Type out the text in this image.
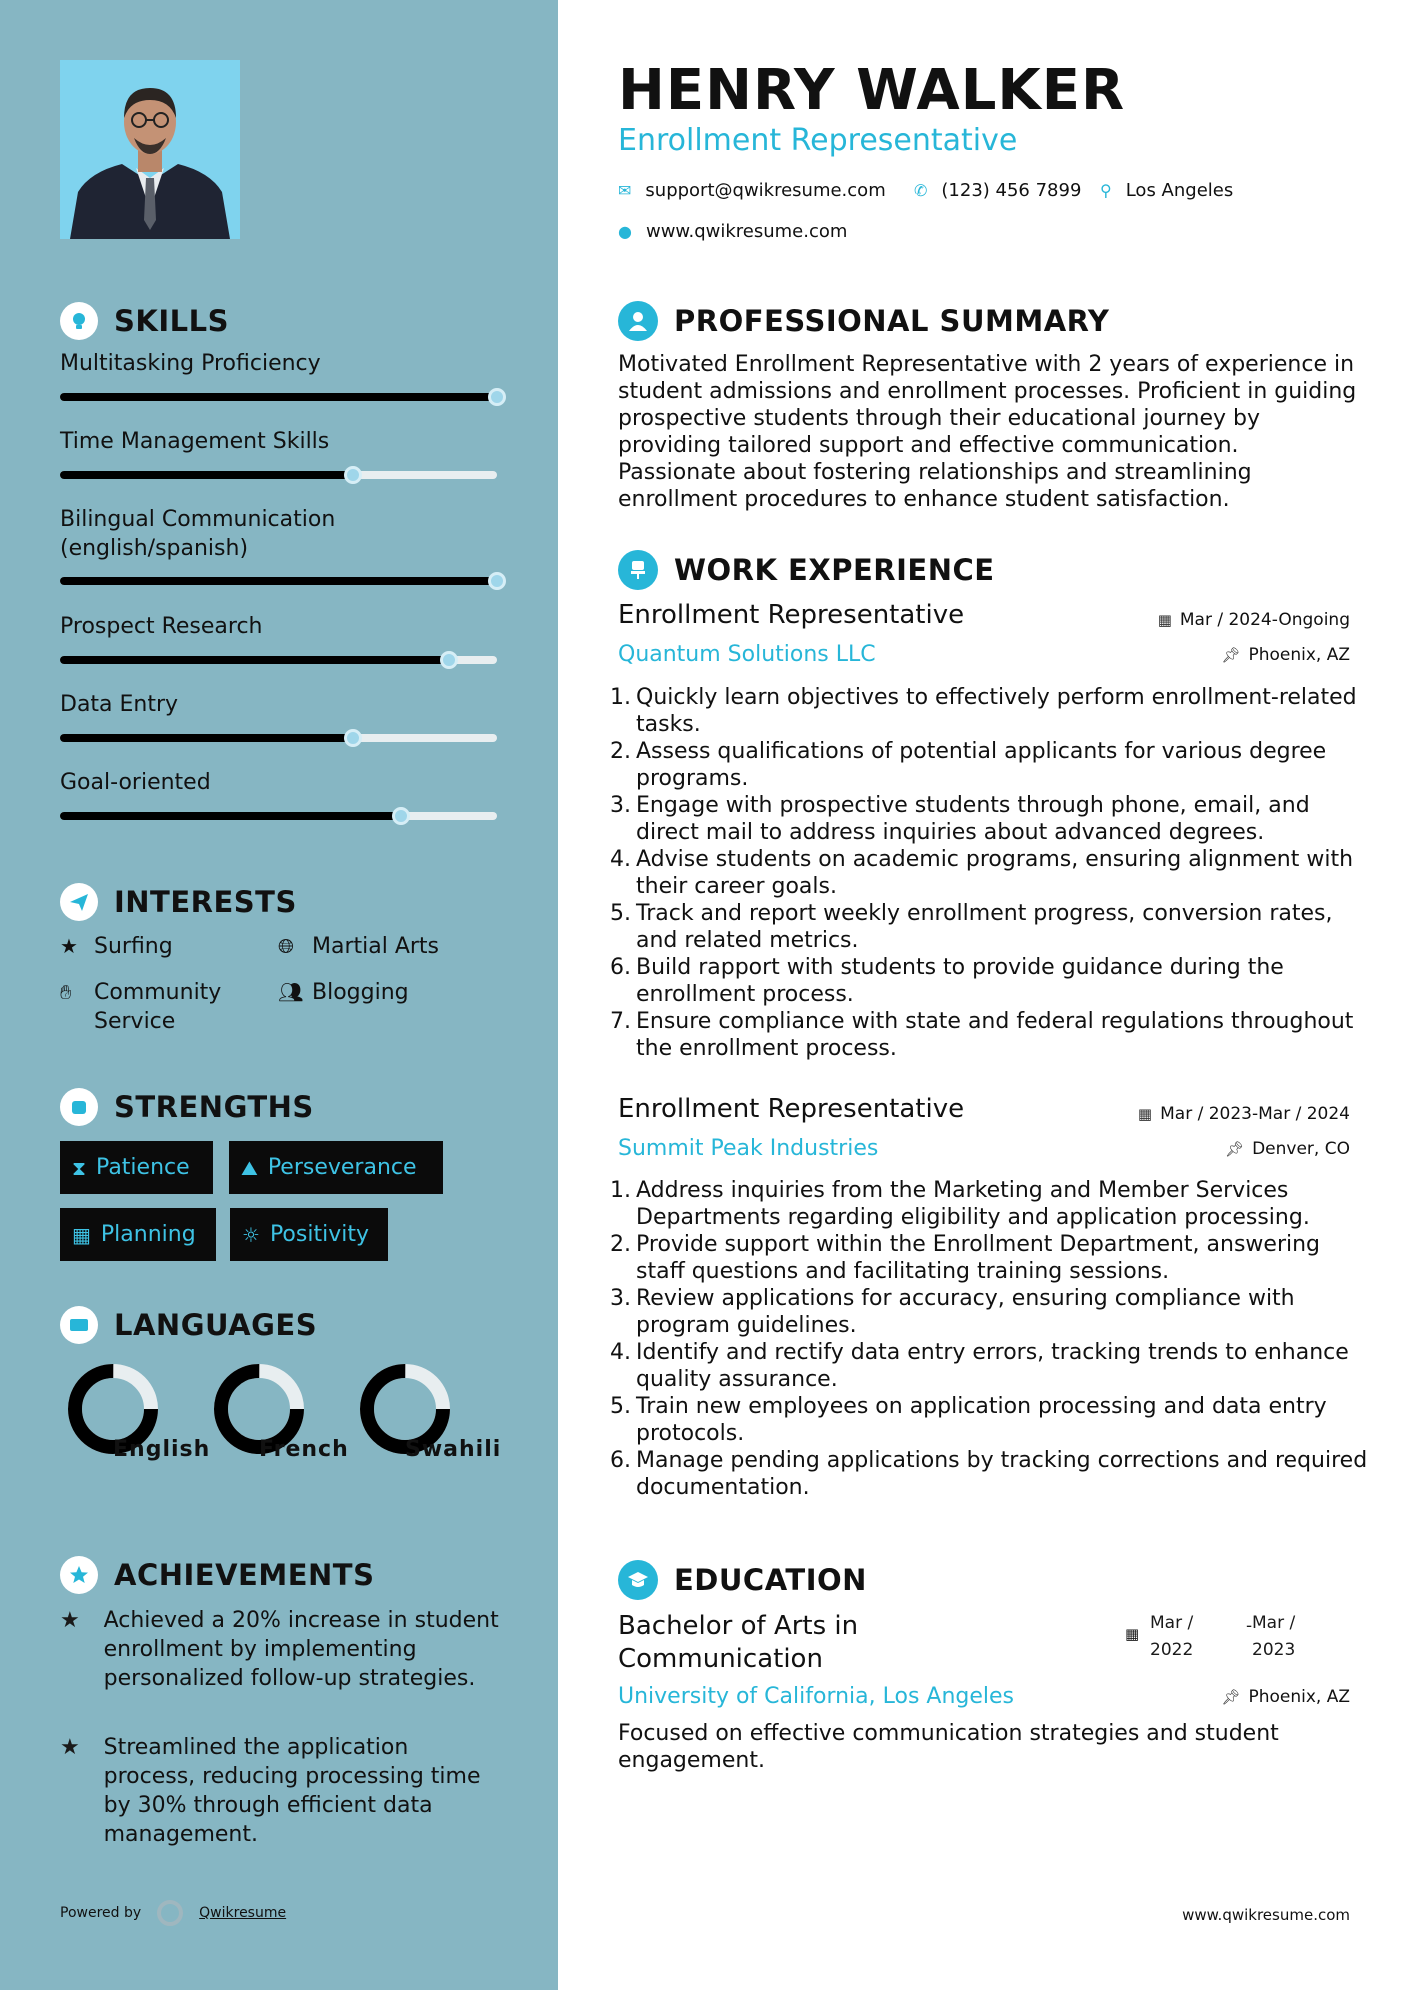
SKILLS
Multitasking Proficiency
Time Management Skills
Bilingual Communication (english/spanish)
Prospect Research
Data Entry
Goal-oriented
INTERESTS
★ Surfing	🌐︎ Martial Arts
✋︎	Community Service
👥︎ Blogging
STRENGTHS
⧗ Patience	⛰︎ Perseverance
▦ Planning ☼ Positivity
LANGUAGES
English French	Swahili
ACHIEVEMENTS
★	Achieved a 20% increase in student enrollment by implementing personalized follow-up strategies.
★	Streamlined the application process, reducing processing time by 30% through efficient data management.
Powered by	Qwikresume
HENRY WALKER
Enrollment Representative
✉ support@qwikresume.com ✆ (123) 456 7899 ⚲ Los Angeles
● www.qwikresume.com
PROFESSIONAL SUMMARY
Motivated Enrollment Representative with 2 years of experience in student admissions and enrollment processes. Proficient in guiding prospective students through their educational journey by providing tailored support and effective communication. Passionate about fostering relationships and streamlining enrollment procedures to enhance student satisfaction.
WORK EXPERIENCE
Enrollment Representative	▦ Mar / 2024-Ongoing
Quantum Solutions LLC	📌︎ Phoenix, AZ
1. Quickly learn objectives to effectively perform enrollment-related tasks.
2. Assess qualifications of potential applicants for various degree programs.
3. Engage with prospective students through phone, email, and direct mail to address inquiries about advanced degrees.
4. Advise students on academic programs, ensuring alignment with their career goals.
5. Track and report weekly enrollment progress, conversion rates, and related metrics.
6. Build rapport with students to provide guidance during the enrollment process.
7. Ensure compliance with state and federal regulations throughout the enrollment process.
Enrollment Representative	▦ Mar / 2023-Mar / 2024
Summit Peak Industries	📌︎ Denver, CO
1. Address inquiries from the Marketing and Member Services Departments regarding eligibility and application processing.
2. Provide support within the Enrollment Department, answering staff questions and facilitating training sessions.
3. Review applications for accuracy, ensuring compliance with program guidelines.
4. Identify and rectify data entry errors, tracking trends to enhance quality assurance.
5. Train new employees on application processing and data entry protocols.
6. Manage pending applications by tracking corrections and required documentation.
EDUCATION
Bachelor of Arts in
Communication
▦
Mar / 2022
- Mar / 2023
University of California, Los Angeles	📌︎ Phoenix, AZ
Focused on effective communication strategies and student engagement.
www.qwikresume.com
